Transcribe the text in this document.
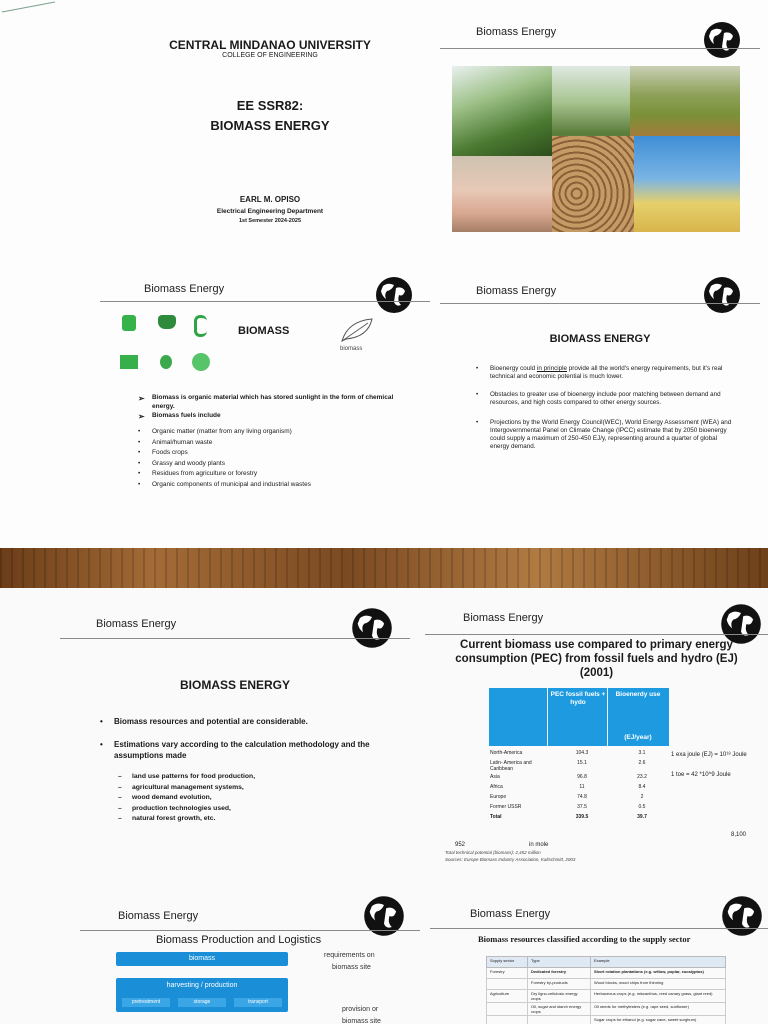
CENTRAL MINDANAO UNIVERSITY
COLLEGE OF ENGINEERING
EE SSR82:
BIOMASS ENERGY
EARL M. OPISO
Electrical Engineering Department
1st Semester 2024-2025
Biomass Energy
Biomass Energy
BIOMASS
biomass
➢ Biomass is organic material which has stored sunlight in the form of chemical energy.
➢ Biomass fuels include
• Organic matter (matter from any living organism)
• Animal/human waste
• Foods crops
• Grassy and woody plants
• Residues from agriculture or forestry
• Organic components of municipal and industrial wastes
Biomass Energy
BIOMASS ENERGY
• Bioenergy could in principle provide all the world's energy requirements, but it's real technical and economic potential is much lower.
• Obstacles to greater use of bioenergy include poor matching between demand and resources, and high costs compared to other energy sources.
• Projections by the World Energy Council(WEC), World Energy Assessment (WEA) and Intergovernmental Panel on Climate Change (IPCC) estimate that by 2050 bioenergy could supply a maximum of 250-450 EJ/y, representing around a quarter of global energy demand.
Biomass Energy
BIOMASS ENERGY
• Biomass resources and potential are considerable.
• Estimations vary according to the calculation methodology and the assumptions made
– land use patterns for food production,
– agricultural management systems,
– wood demand evolution,
– production technologies used,
– natural forest growth, etc.
Biomass Energy
Current biomass use compared to primary energy
consumption (PEC) from fossil fuels and hydro (EJ)
(2001)
PEC fossil fuels + hydo
Bioenerdy use
(EJ/year)
North-America	104.3	3.1
Latin- America and Caribbean	15.1	2.6
Asia	96.8	23.2
Africa	11	8.4
Europe	74.8	2
Former USSR	37.5	0.5
Total	339.5	39.7
1 exa joule (EJ) = 10¹⁸ Joule
1 toe = 42 *10^9 Joule
8,100
952	in mole
Total technical potential (biomass): 2,452 million
Sources: Europe Biomass Industry Association, Kaltschmitt, 2003
Biomass Energy
Biomass Production and Logistics
biomass
harvesting / production
pretreatment	storage	transport
requirements on
biomass site
provision or
biomass site
Biomass Energy
Biomass resources classified according to the supply sector
Supply sector	Type	Example
Forestry	Dedicated forestry	Short rotation plantations (e.g. willow, poplar, eucalyptus)
	Forestry by-products	Wood blocks, wood chips from thinning
Agriculture	Dry ligno-cellulosic energy crops	Herbaceous crops (e.g. miscanthus, reed canary grass, giant reed)
	Oil, sugar and starch energy crops	Oil seeds for methylesters (e.g. rape seed, sunflower)
		Sugar crops for ethanol (e.g. sugar cane, sweet sorghum)
